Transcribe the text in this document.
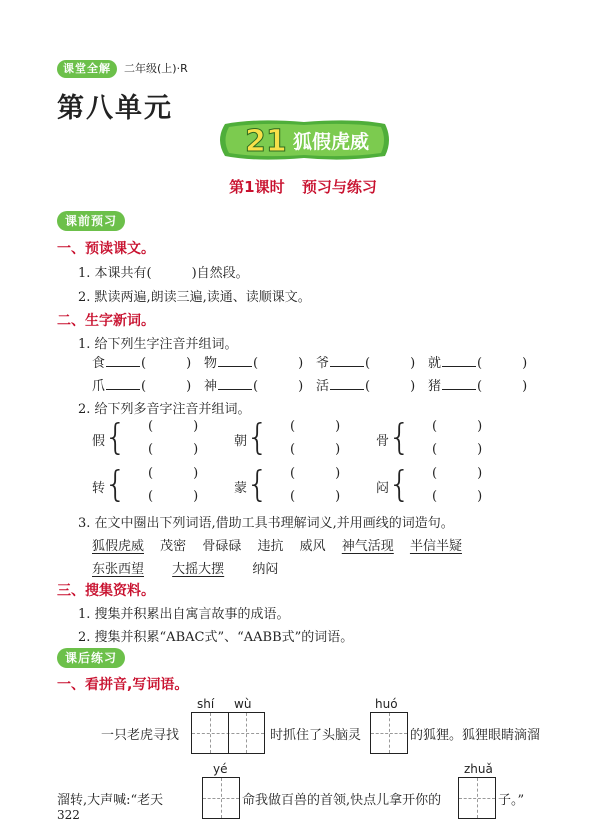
课堂全解	二年级(上)·R
第八单元
21 狐假虎威
第1课时 预习与练习
课前预习
一、预读课文。
1. 本课共有(	)自然段。
2. 默读两遍,朗读三遍,读通、读顺课文。
二、生字新词。
1. 给下列生字注音并组词。
食	(	) 物	(	) 爷	(	) 就	(	)
爪	(	) 神	(	) 活	(	) 猪	(	)
2. 给下列多音字注音并组词。
假
{ (	)
(	)
朝
{ (	)
(	)
骨
{ (	)
(	)
转
{ (	)
(	)
蒙
{ (	)
(	)
闷
{ (	)
(	)
3. 在文中圈出下列词语,借助工具书理解词义,并用画线的词造句。
狐假虎威 茂密 骨碌碌 违抗 威风 神气活现 半信半疑
东张西望 大摇大摆 纳闷
三、搜集资料。
1. 搜集并积累出自寓言故事的成语。
2. 搜集并积累“ABAC式”、“AABB式”的词语。
课后练习
一、看拼音,写词语。
shí wù	huó
一只老虎寻找	时抓住了头脑灵	的狐狸。狐狸眼睛滴溜
yé	zhuǎ
溜转,大声喊:“老天	命我做百兽的首领,快点儿拿开你的	子。”
322
